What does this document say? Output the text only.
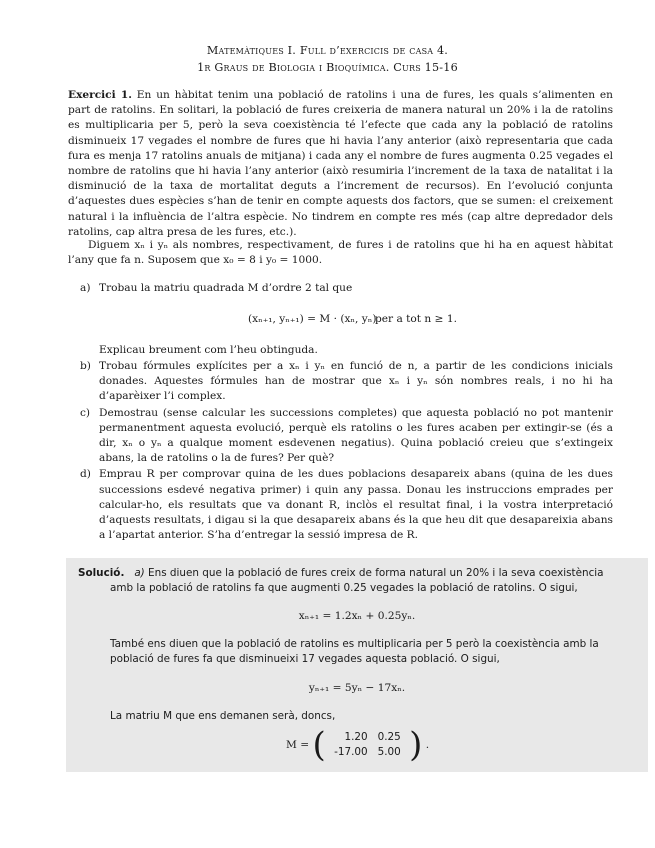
Matemàtiques I. Full d’exercicis de casa 4.
1r Graus de Biologia i Bioquímica. Curs 15-16
Exercici 1. En un hàbitat tenim una població de ratolins i una de fures, les quals s’alimenten en part de ratolins. En solitari, la població de fures creixeria de manera natural un 20% i la de ratolins es multiplicaria per 5, però la seva coexistència té l’efecte que cada any la població de ratolins disminueix 17 vegades el nombre de fures que hi havia l’any anterior (això representaria que cada fura es menja 17 ratolins anuals de mitjana) i cada any el nombre de fures augmenta 0.25 vegades el nombre de ratolins que hi havia l’any anterior (això resumiria l’increment de la taxa de natalitat i la disminució de la taxa de mortalitat deguts a l’increment de recursos). En l’evolució conjunta d’aquestes dues espècies s’han de tenir en compte aquests dos factors, que se sumen: el creixement natural i la influència de l’altra espècie. No tindrem en compte res més (cap altre depredador dels ratolins, cap altra presa de les fures, etc.).
Diguem xₙ i yₙ als nombres, respectivament, de fures i de ratolins que hi ha en aquest hàbitat l’any que fa n. Suposem que x₀ = 8 i y₀ = 1000.
a) Trobau la matriu quadrada M d’ordre 2 tal que
(xₙ₊₁, yₙ₊₁) = M · (xₙ, yₙ)
per a tot n ≥ 1.
Explicau breument com l’heu obtinguda.
b) Trobau fórmules explícites per a xₙ i yₙ en funció de n, a partir de les condicions inicials donades. Aquestes fórmules han de mostrar que xₙ i yₙ són nombres reals, i no hi ha d’aparèixer l’i complex.
c) Demostrau (sense calcular les successions completes) que aquesta població no pot mantenir permanentment aquesta evolució, perquè els ratolins o les fures acaben per extingir-se (és a dir, xₙ o yₙ a qualque moment esdevenen negatius). Quina població creieu que s’extingeix abans, la de ratolins o la de fures? Per què?
d) Emprau R per comprovar quina de les dues poblacions desapareix abans (quina de les dues successions esdevé negativa primer) i quin any passa. Donau les instruccions emprades per calcular-ho, els resultats que va donant R, inclòs el resultat final, i la vostra interpretació d’aquests resultats, i digau si la que desapareix abans és la que heu dit que desapareixia abans a l’apartat anterior. S’ha d’entregar la sessió impresa de R.
Solució. a) Ens diuen que la població de fures creix de forma natural un 20% i la seva coexistència
amb la població de ratolins fa que augmenti 0.25 vegades la població de ratolins. O sigui,
xₙ₊₁ = 1.2xₙ + 0.25yₙ.
També ens diuen que la població de ratolins es multiplicaria per 5 però la coexistència amb la
població de fures fa que disminueixi 17 vegades aquesta població. O sigui,
yₙ₊₁ = 5yₙ − 17xₙ.
La matriu M que ens demanen serà, doncs,
M = ( 1.20	0.25
-17.00	5.00 ) .
